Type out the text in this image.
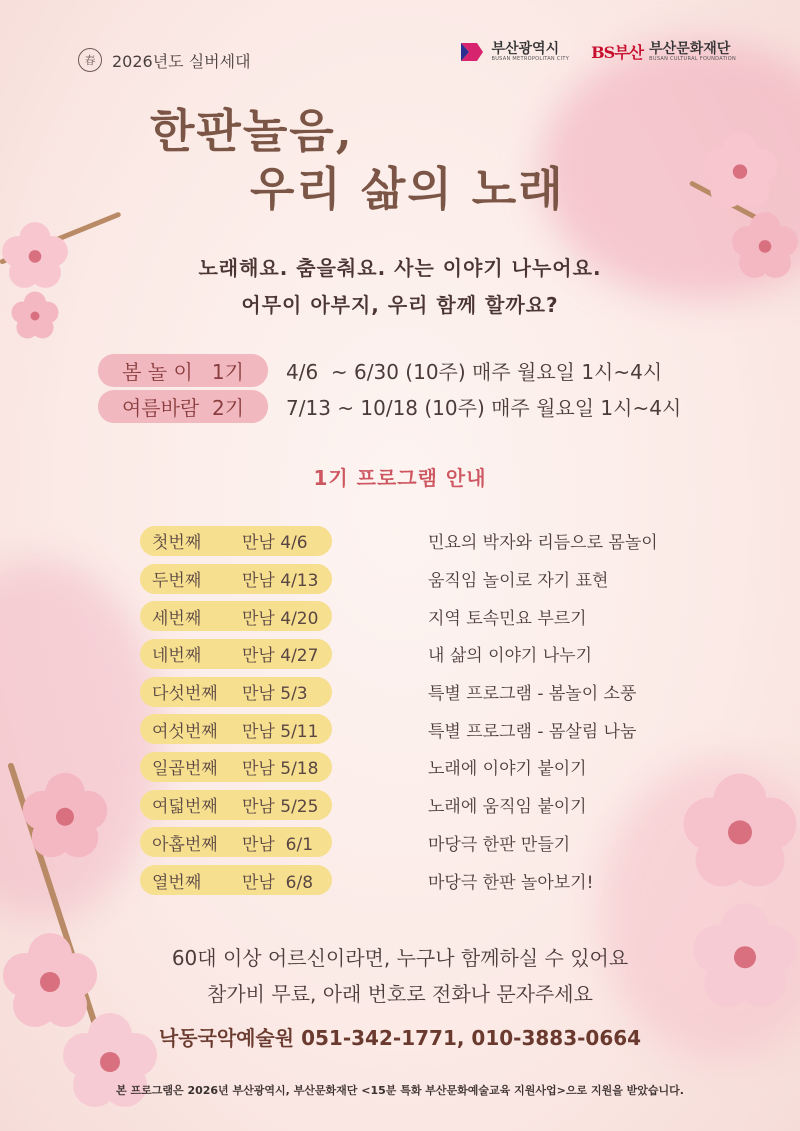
春	2026년도 실버세대
부산광역시
BUSAN METROPOLITAN CITY BS부산 부산문화재단
BUSAN CULTURAL FOUNDATION
한판놀음,
우리 삶의 노래
노래해요. 춤을춰요. 사는 이야기 나누어요.
어무이 아부지, 우리 함께 할까요?
봄 놀 이   1기	4/6  ~ 6/30 (10주) 매주 월요일 1시~4시
여름바람  2기	7/13 ~ 10/18 (10주) 매주 월요일 1시~4시
1기 프로그램 안내
첫번째	만남 4/6	민요의 박자와 리듬으로 몸놀이
두번째	만남 4/13	움직임 놀이로 자기 표현
세번째	만남 4/20	지역 토속민요 부르기
네번째	만남 4/27	내 삶의 이야기 나누기
다섯번째	만남 5/3	특별 프로그램 - 봄놀이 소풍
여섯번째	만남 5/11	특별 프로그램 - 몸살림 나눔
일곱번째	만남 5/18	노래에 이야기 붙이기
여덟번째	만남 5/25	노래에 움직임 붙이기
아홉번째	만남  6/1	마당극 한판 만들기
열번째	만남  6/8	마당극 한판 놀아보기!
60대 이상 어르신이라면, 누구나 함께하실 수 있어요
참가비 무료, 아래 번호로 전화나 문자주세요
낙동국악예술원 051-342-1771, 010-3883-0664
본 프로그램은 2026년 부산광역시, 부산문화재단 <15분 특화 부산문화예술교육 지원사업>으로 지원을 받았습니다.
